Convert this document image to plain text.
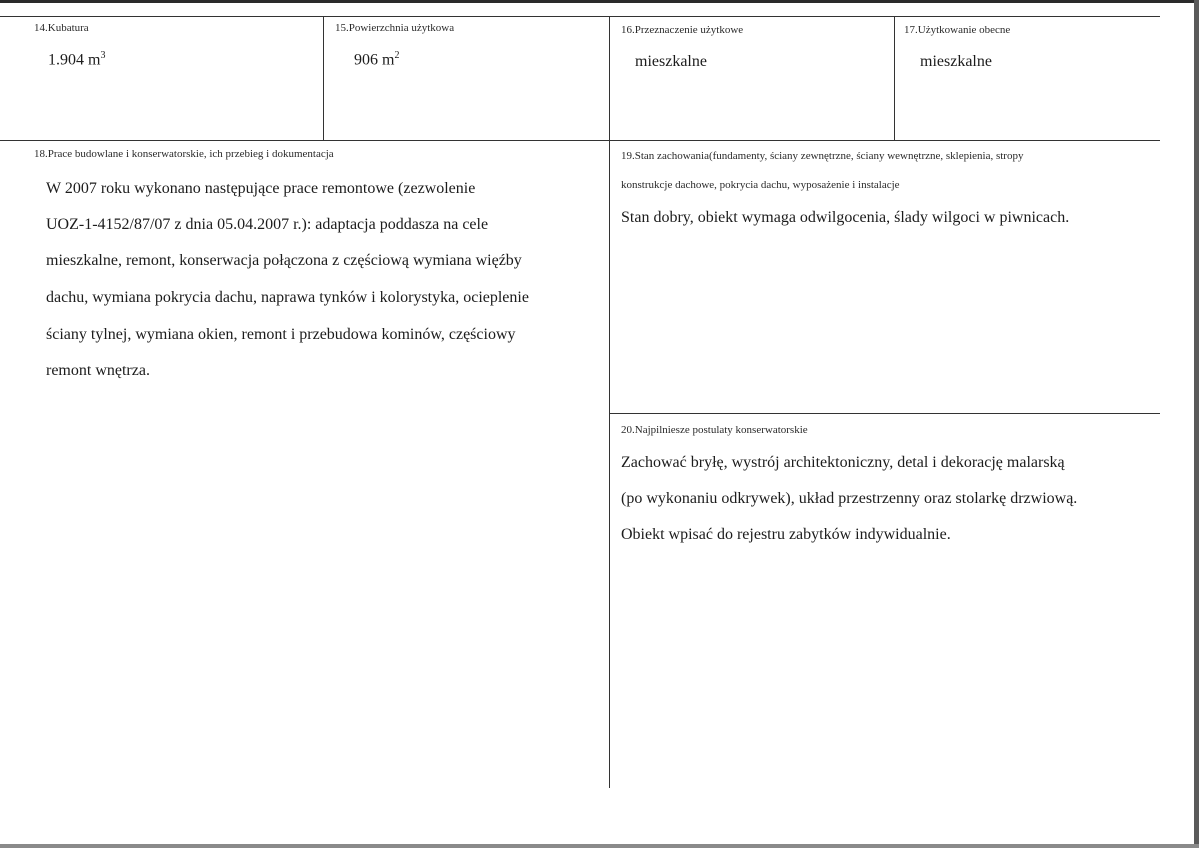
14.Kubatura
1.904 $m^3$
15.Powierzchnia użytkowa
906 $m^2$
16.Przeznaczenie użytkowe
mieszkalne
17.Użytkowanie obecne
mieszkalne
18.Prace budowlane i konserwatorskie, ich przebieg i dokumentacja
W 2007 roku wykonano następujące prace remontowe (zezwolenie
UOZ-1-4152/87/07 z dnia 05.04.2007 r.): adaptacja poddasza na cele
mieszkalne, remont, konserwacja połączona z częściową wymiana więźby
dachu, wymiana pokrycia dachu, naprawa tynków i kolorystyka, ocieplenie
ściany tylnej, wymiana okien, remont i przebudowa kominów, częściowy
remont wnętrza.
19.Stan zachowania(fundamenty, ściany zewnętrzne, ściany wewnętrzne, sklepienia, stropy
konstrukcje dachowe, pokrycia dachu, wyposażenie i instalacje
Stan dobry, obiekt wymaga odwilgocenia, ślady wilgoci w piwnicach.
20.Najpilniesze postulaty konserwatorskie
Zachować bryłę, wystrój architektoniczny, detal i dekorację malarską
(po wykonaniu odkrywek), układ przestrzenny oraz stolarkę drzwiową.
Obiekt wpisać do rejestru zabytków indywidualnie.
